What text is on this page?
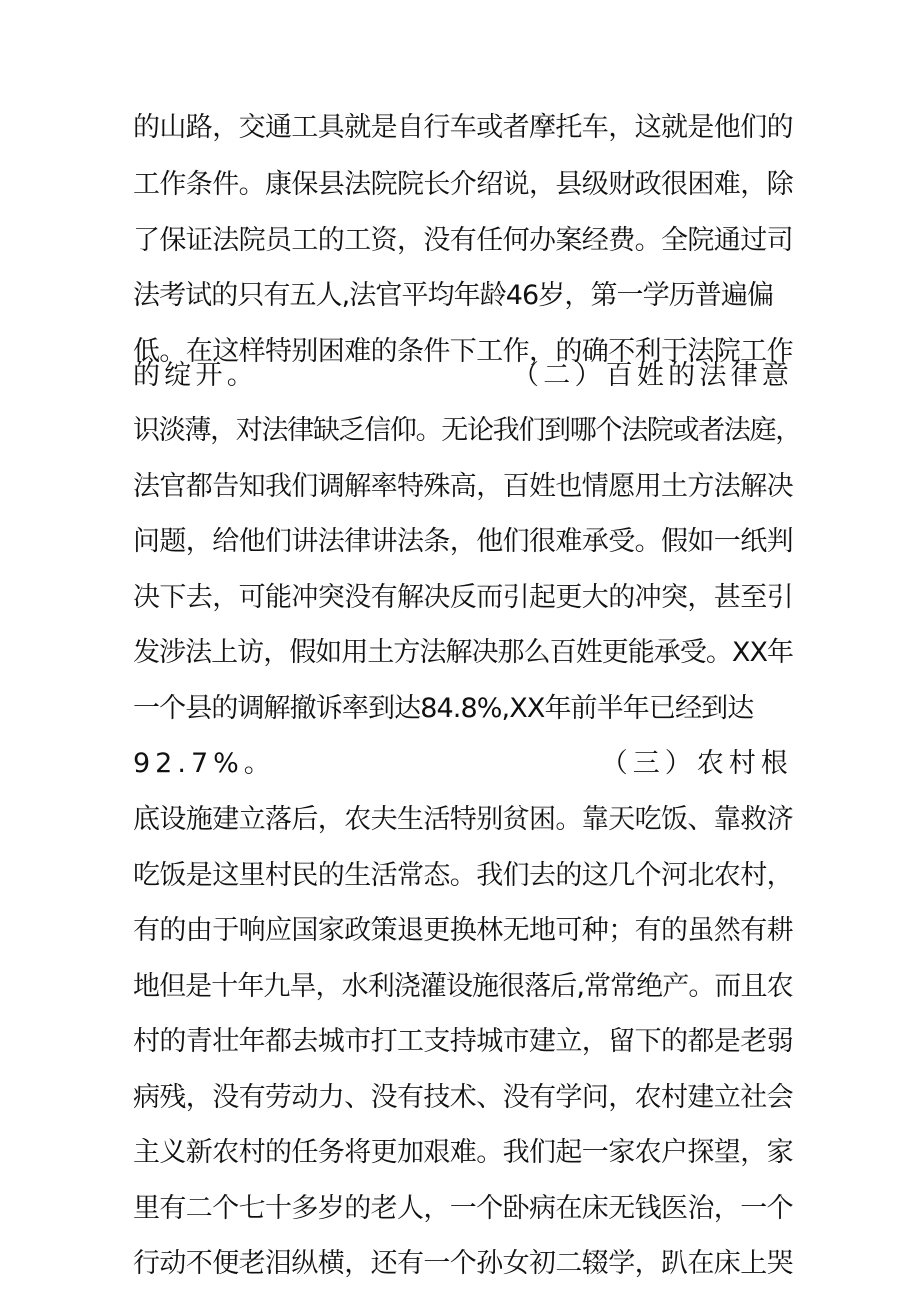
的山路，交通工具就是自行车或者摩托车，这就是他们的
工作条件。康保县法院院长介绍说，县级财政很困难，除
了保证法院员工的工资，没有任何办案经费。全院通过司
法考试的只有五人,法官平均年龄46岁，第一学历普遍偏
低。在这样特别困难的条件下工作，的确不利于法院工作
的绽开。　　　　　　　　　（二）百姓的法律意
识淡薄，对法律缺乏信仰。无论我们到哪个法院或者法庭，
法官都告知我们调解率特殊高，百姓也情愿用土方法解决
问题，给他们讲法律讲法条，他们很难承受。假如一纸判
决下去，可能冲突没有解决反而引起更大的冲突，甚至引
发涉法上访，假如用土方法解决那么百姓更能承受。XX年
一个县的调解撤诉率到达84.8%,XX年前半年已经到达
92.7%。　　　　　　　　　　　（三）农村根
底设施建立落后，农夫生活特别贫困。靠天吃饭、靠救济
吃饭是这里村民的生活常态。我们去的这几个河北农村，
有的由于响应国家政策退更换林无地可种；有的虽然有耕
地但是十年九旱，水利浇灌设施很落后,常常绝产。而且农
村的青壮年都去城市打工支持城市建立，留下的都是老弱
病残，没有劳动力、没有技术、没有学问，农村建立社会
主义新农村的任务将更加艰难。我们起一家农户探望，家
里有二个七十多岁的老人，一个卧病在床无钱医治，一个
行动不便老泪纵横，还有一个孙女初二辍学，趴在床上哭
